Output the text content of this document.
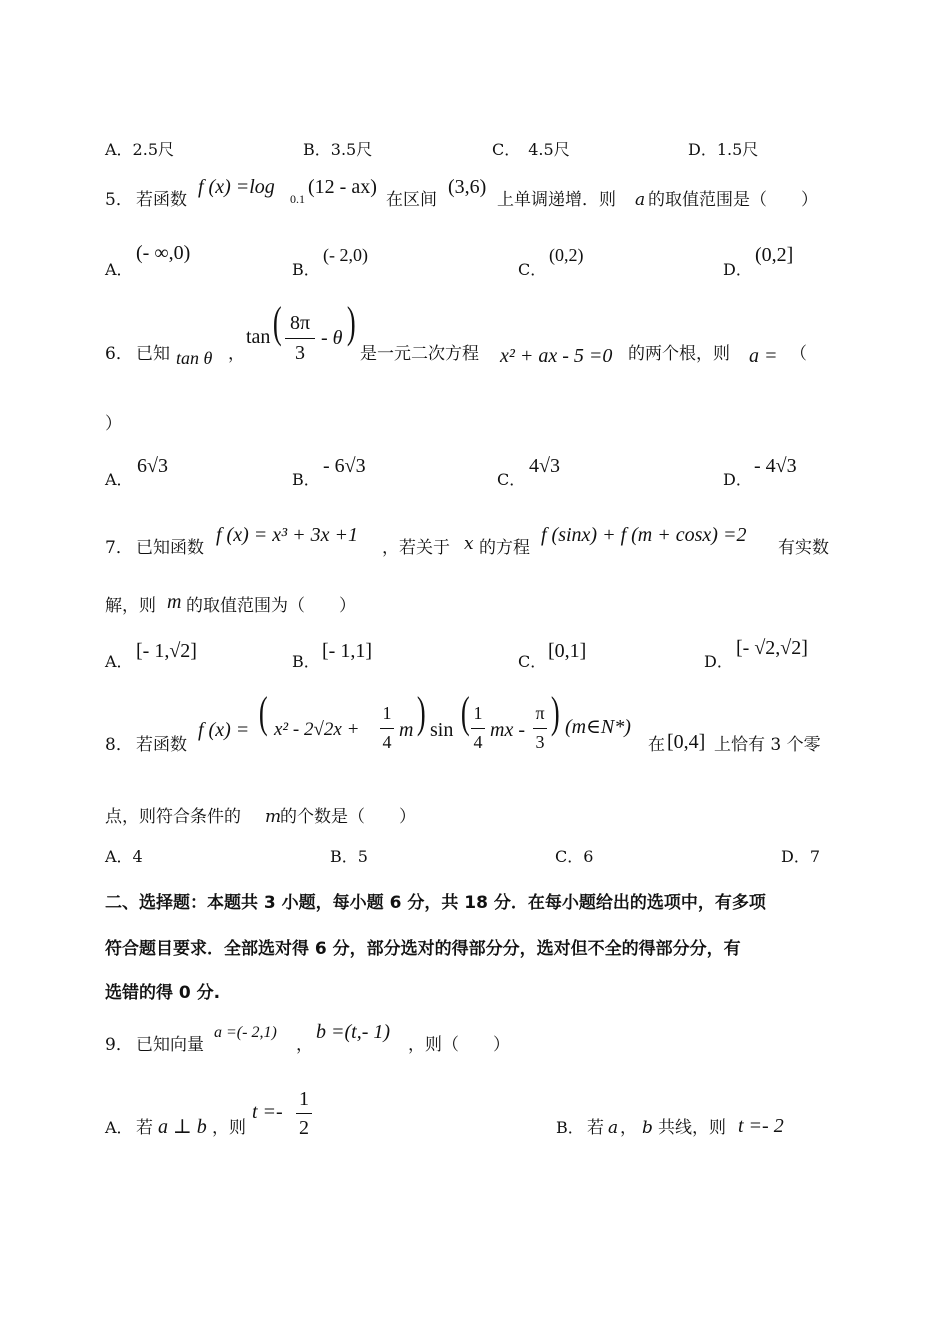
A．2.5尺	B．3.5尺	C．　4.5尺	D．1.5尺
5． 若函数
f (x) =log
0.1
(12 - ax)
在区间
(3,6)
上单调递增．则 a 的取值范围是（　　）
A．
(- ∞,0)
B．
(- 2,0)
C．
(0,2)
D．
(0,2]
6． 已知 tan θ ，
tan ( 8π
3
- θ )
是一元二次方程 x² + ax - 5 =0 的两个根，则 a = （
）
A．
6√3
B．
- 6√3
C．
4√3
D．
- 4√3
7． 已知函数
f (x) = x³ + 3x +1
，若关于 x 的方程
f (sinx) + f (m + cosx) =2
有实数
解，则 m 的取值范围为（　　）
A． [- 1,√2]	B． [- 1,1]	C． [0,1]	D．
[- √2,√2]
8． 若函数
f (x) = ( x² - 2√2x +
1
4
m ) sin ( 1
4
mx -
π
3
) (m∈N*)
在 [0,4] 上恰有 3 个零
点，则符合条件的 m
的个数是（　　）
A．4	B．5	C．6	D．7
二、选择题：本题共 3 小题，每小题 6 分，共 18 分．在每小题给出的选项中，有多项
符合题目要求．全部选对得 6 分，部分选对的得部分分，选对但不全的得部分分，有
选错的得 0 分.
9． 已知向量
a =(- 2,1)
，
b =(t,- 1)
，则（　　）
A． 若 a ⊥ b ，则
t =-
1
2	B． 若 a ， b 共线，则 t =- 2
